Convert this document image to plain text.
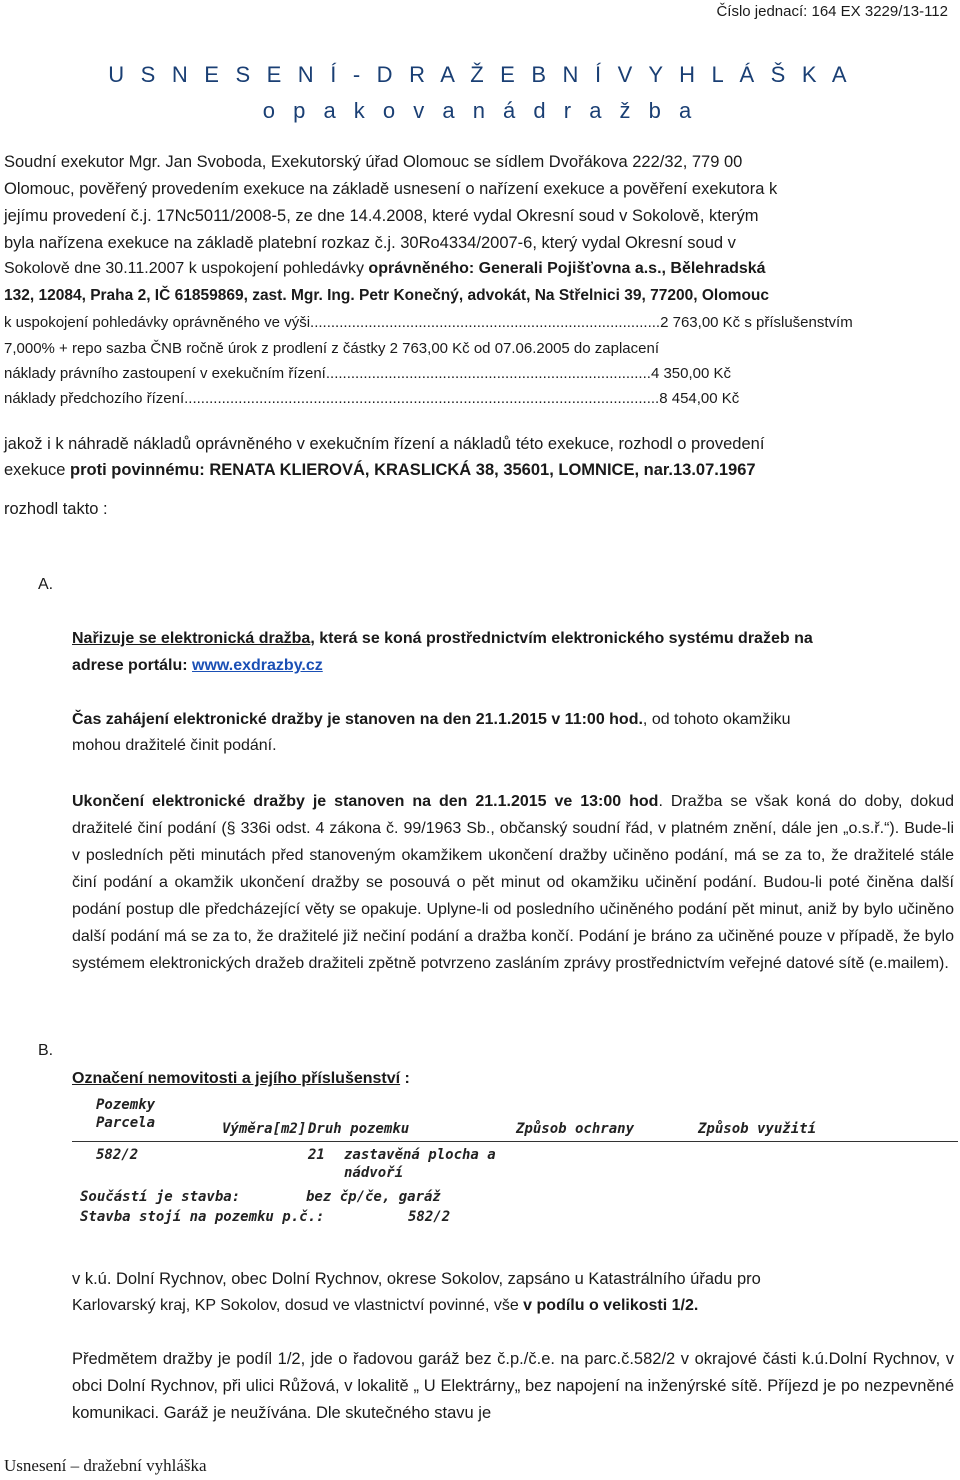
Číslo jednací: 164 EX 3229/13-112
U S N E S E N Í - D R A Ž E B N Í V Y H L Á Š K A
o p a k o v a n á d r a ž b a
Soudní exekutor Mgr. Jan Svoboda, Exekutorský úřad Olomouc se sídlem Dvořákova 222/32, 779 00
Olomouc, pověřený provedením exekuce na základě usnesení o nařízení exekuce a pověření exekutora k
jejímu provedení č.j. 17Nc5011/2008-5, ze dne 14.4.2008, které vydal Okresní soud v Sokolově, kterým
byla nařízena exekuce na základě platební rozkaz č.j. 30Ro4334/2007-6, který vydal Okresní soud v
Sokolově dne 30.11.2007 k uspokojení pohledávky oprávněného: Generali Pojišťovna a.s., Bělehradská
132, 12084, Praha 2, IČ 61859869, zast. Mgr. Ing. Petr Konečný, advokát, Na Střelnici 39, 77200, Olomouc
k uspokojení pohledávky oprávněného ve výši....................................................................................2 763,00 Kč s příslušenstvím
7,000% + repo sazba ČNB ročně úrok z prodlení z částky 2 763,00 Kč od 07.06.2005 do zaplacení
náklady právního zastoupení v exekučním řízení..............................................................................4 350,00 Kč
náklady předchozího řízení..................................................................................................................8 454,00 Kč
jakož i k náhradě nákladů oprávněného v exekučním řízení a nákladů této exekuce, rozhodl o provedení
exekuce proti povinnému: RENATA KLIEROVÁ, KRASLICKÁ 38, 35601, LOMNICE, nar.13.07.1967
rozhodl takto :
A.
Nařizuje se elektronická dražba, která se koná prostřednictvím elektronického systému dražeb na
adrese portálu: www.exdrazby.cz
Čas zahájení elektronické dražby je stanoven na den 21.1.2015 v 11:00 hod., od tohoto okamžiku
mohou dražitelé činit podání.
Ukončení elektronické dražby je stanoven na den 21.1.2015 ve 13:00 hod. Dražba se však koná do doby, dokud dražitelé činí podání (§ 336i odst. 4 zákona č. 99/1963 Sb., občanský soudní řád, v platném znění, dále jen „o.s.ř.“). Bude-li v posledních pěti minutách před stanoveným okamžikem ukončení dražby učiněno podání, má se za to, že dražitelé stále činí podání a okamžik ukončení dražby se posouvá o pět minut od okamžiku učinění podání. Budou-li poté činěna další podání postup dle předcházející věty se opakuje. Uplyne-li od posledního učiněného podání pět minut, aniž by bylo učiněno další podání má se za to, že dražitelé již nečiní podání a dražba končí. Podání je bráno za učiněné pouze v případě, že bylo systémem elektronických dražeb dražiteli zpětně potvrzeno zasláním zprávy prostřednictvím veřejné datové sítě (e.mailem).
B.
Označení nemovitosti a jejího příslušenství :
Pozemky
Parcela	Výměra[m2] Druh pozemku	Způsob ochrany	Způsob využití
582/2	21 zastavěná plocha a
nádvoří
Součástí je stavba:	bez čp/če, garáž
Stavba stojí na pozemku p.č.:	582/2
v k.ú. Dolní Rychnov, obec Dolní Rychnov, okrese Sokolov, zapsáno u Katastrálního úřadu pro
Karlovarský kraj, KP Sokolov, dosud ve vlastnictví povinné, vše v podílu o velikosti 1/2.
Předmětem dražby je podíl 1/2, jde o řadovou garáž bez č.p./č.e. na parc.č.582/2 v okrajové části k.ú.Dolní Rychnov, v obci Dolní Rychnov, při ulici Růžová, v lokalitě „ U Elektrárny„ bez napojení na inženýrské sítě. Příjezd je po nezpevněné komunikaci. Garáž je neužívána. Dle skutečného stavu je
Usnesení – dražební vyhláška
